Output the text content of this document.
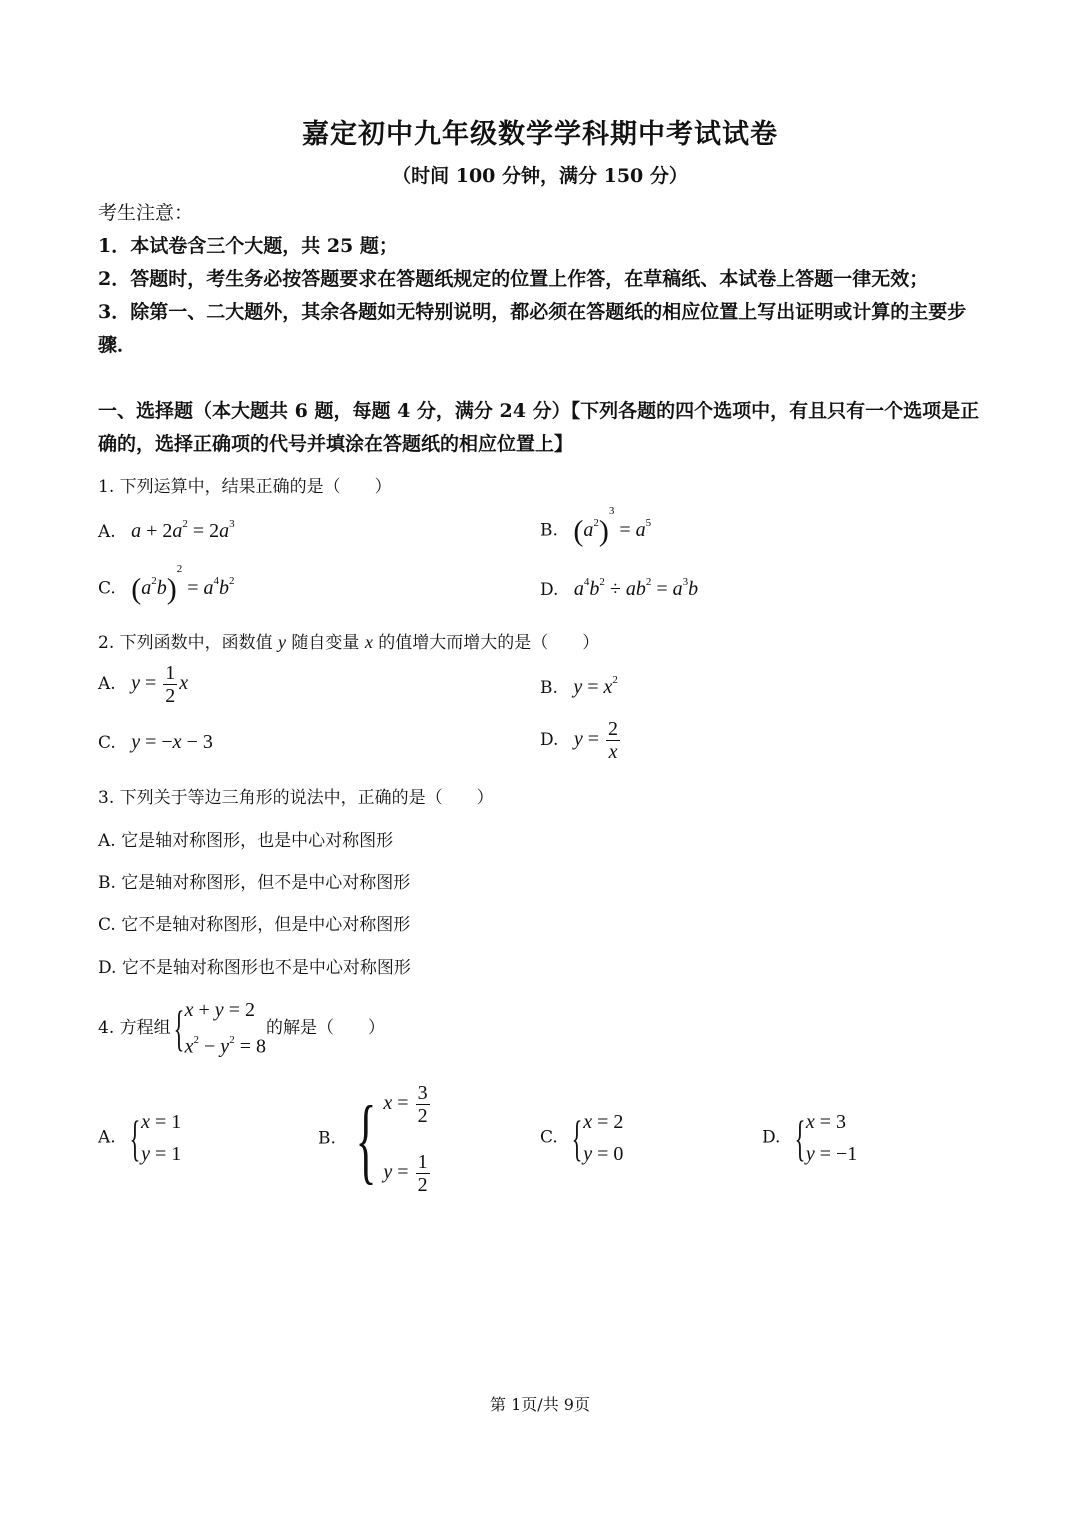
嘉定初中九年级数学学科期中考试试卷
（时间 100 分钟，满分 150 分）
考生注意：
1．本试卷含三个大题，共 25 题；
2．答题时，考生务必按答题要求在答题纸规定的位置上作答，在草稿纸、本试卷上答题一律无效；
3．除第一、二大题外，其余各题如无特别说明，都必须在答题纸的相应位置上写出证明或计算的主要步骤．
一、选择题（本大题共 6 题，每题 4 分，满分 24 分）【下列各题的四个选项中，有且只有一个选项是正确的，选择正确项的代号并填涂在答题纸的相应位置上】
1. 下列运算中，结果正确的是（　　）
A. $a + 2a^2 = 2a^3$	B. $(a^2)^3 = a^5$
C. $(a^2b)^2 = a^4b^2$	D. $a^4b^2 \div ab^2 = a^3b$
2. 下列函数中，函数值 y 随自变量 x 的值增大而增大的是（　　）
A. $y = \frac{1}{2}$ x	B. $y = x^2$
C. y = −x − 3	D. $y = \frac{2}{x}$
3. 下列关于等边三角形的说法中，正确的是（　　）
A. 它是轴对称图形，也是中心对称图形
B. 它是轴对称图形，但不是中心对称图形
C. 它不是轴对称图形，但是中心对称图形
D. 它不是轴对称图形也不是中心对称图形
4. 方程组{x + y = 2
$x^2 - y^2 = 8$的解是（　　）
A. {x = 1
y = 1
B. { $x = \frac{3}{2}$

$y = \frac{1}{2}$
C. {x = 2
y = 0
D. {x = 3
y = −1
第 1页/共 9页
